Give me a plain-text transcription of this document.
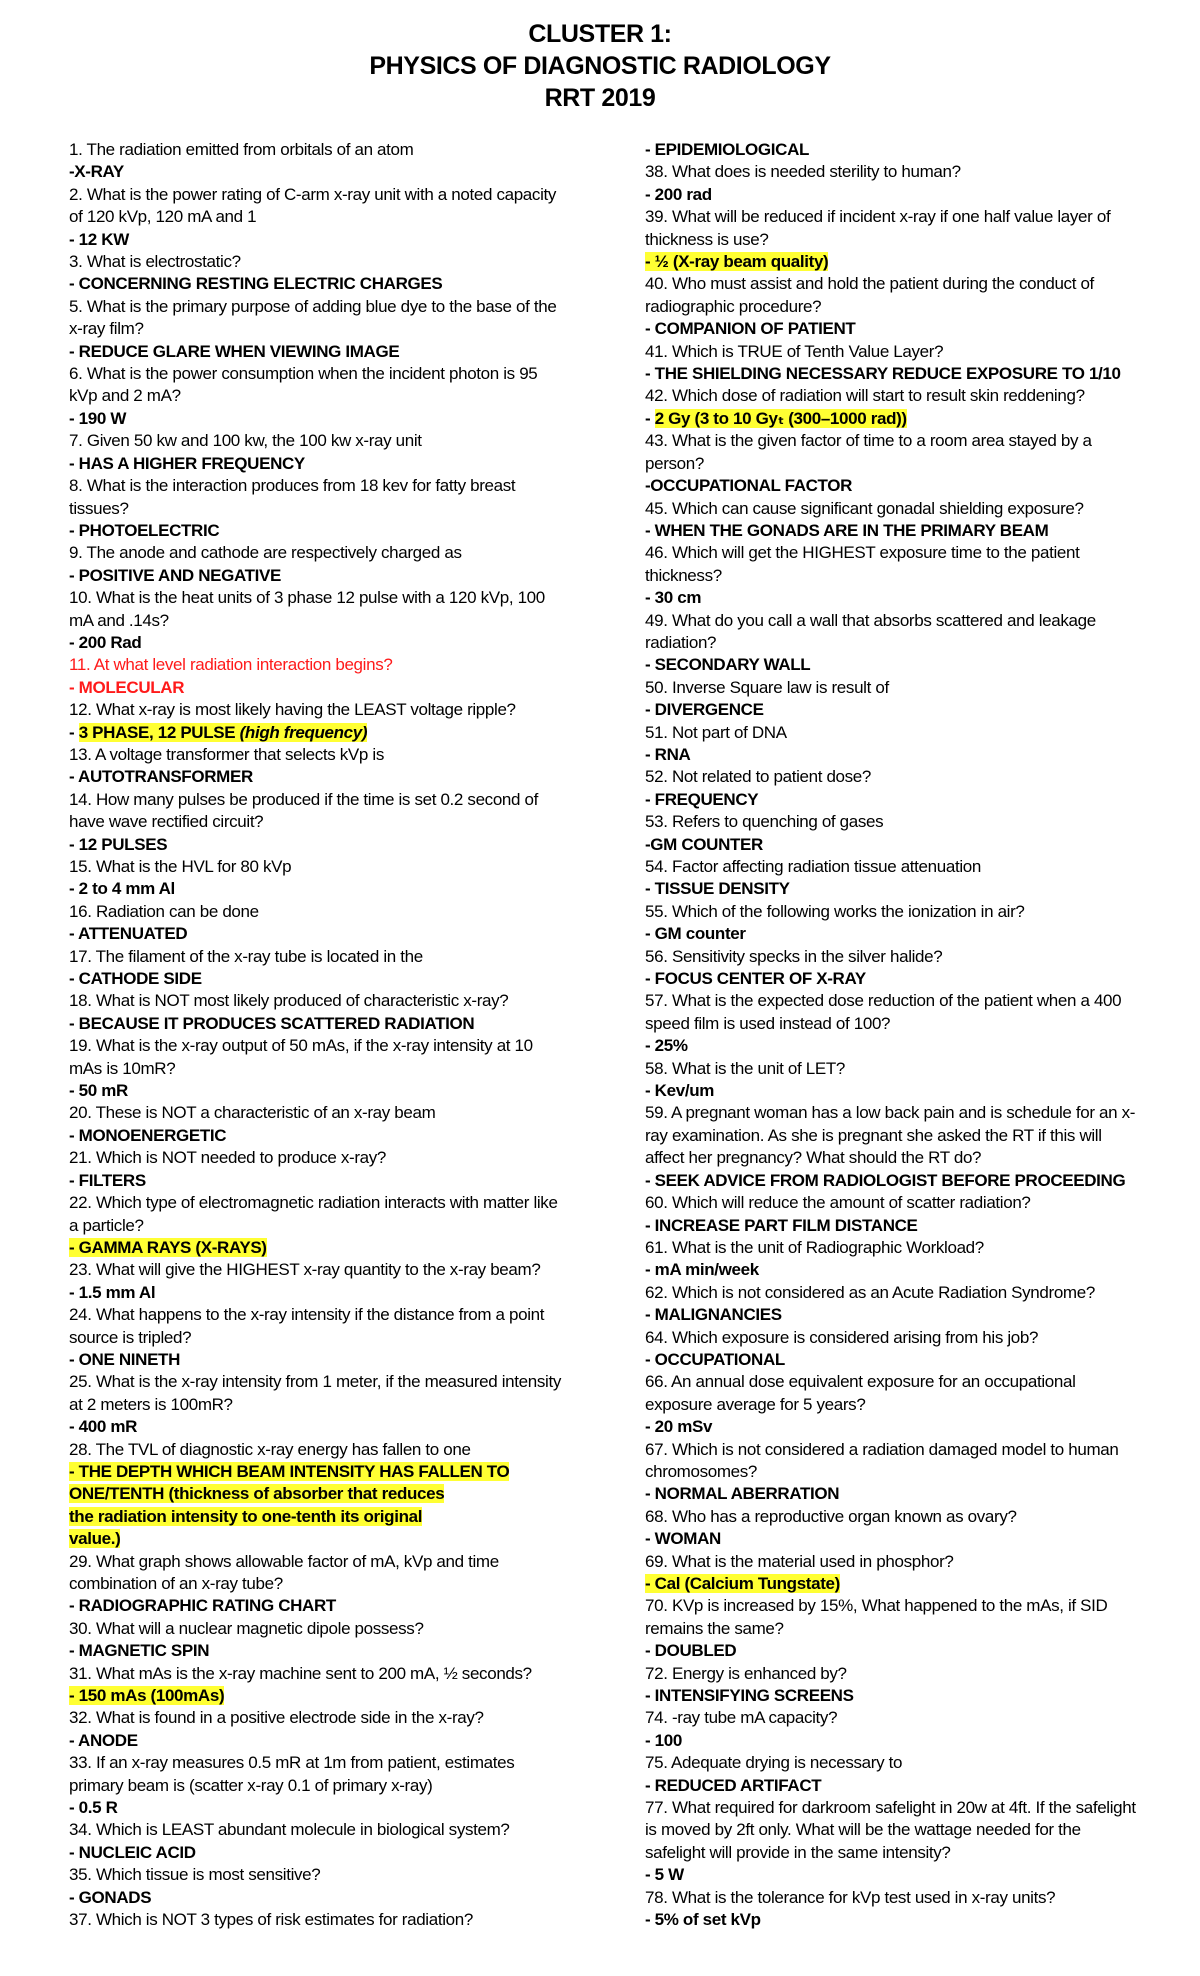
CLUSTER 1:
PHYSICS OF DIAGNOSTIC RADIOLOGY
RRT 2019
1. The radiation emitted from orbitals of an atom
-X-RAY
2. What is the power rating of C-arm x-ray unit with a noted capacity of 120 kVp, 120 mA and 1
- 12 KW
3. What is electrostatic?
- CONCERNING RESTING ELECTRIC CHARGES
5. What is the primary purpose of adding blue dye to the base of the x-ray film?
- REDUCE GLARE WHEN VIEWING IMAGE
6. What is the power consumption when the incident photon is 95 kVp and 2 mA?
- 190 W
7. Given 50 kw and 100 kw, the 100 kw x-ray unit
- HAS A HIGHER FREQUENCY
8. What is the interaction produces from 18 kev for fatty breast tissues?
- PHOTOELECTRIC
9. The anode and cathode are respectively charged as
- POSITIVE AND NEGATIVE
10. What is the heat units of 3 phase 12 pulse with a 120 kVp, 100 mA and .14s?
- 200 Rad
11. At what level radiation interaction begins?
- MOLECULAR
12. What x-ray is most likely having the LEAST voltage ripple?
- 3 PHASE, 12 PULSE (high frequency)
13. A voltage transformer that selects kVp is
- AUTOTRANSFORMER
14. How many pulses be produced if the time is set 0.2 second of have wave rectified circuit?
- 12 PULSES
15. What is the HVL for 80 kVp
- 2 to 4 mm Al
16. Radiation can be done
- ATTENUATED
17. The filament of the x-ray tube is located in the
- CATHODE SIDE
18. What is NOT most likely produced of characteristic x-ray?
- BECAUSE IT PRODUCES SCATTERED RADIATION
19. What is the x-ray output of 50 mAs, if the x-ray intensity at 10 mAs is 10mR?
- 50 mR
20. These is NOT a characteristic of an x-ray beam
- MONOENERGETIC
21. Which is NOT needed to produce x-ray?
- FILTERS
22. Which type of electromagnetic radiation interacts with matter like a particle?
- GAMMA RAYS (X-RAYS)
23. What will give the HIGHEST x-ray quantity to the x-ray beam?
- 1.5 mm Al
24. What happens to the x-ray intensity if the distance from a point source is tripled?
- ONE NINETH
25. What is the x-ray intensity from 1 meter, if the measured intensity at 2 meters is 100mR?
- 400 mR
28. The TVL of diagnostic x-ray energy has fallen to one
- THE DEPTH WHICH BEAM INTENSITY HAS FALLEN TO
ONE/TENTH (thickness of absorber that reduces
the radiation intensity to one-tenth its original
value.)
29. What graph shows allowable factor of mA, kVp and time combination of an x-ray tube?
- RADIOGRAPHIC RATING CHART
30. What will a nuclear magnetic dipole possess?
- MAGNETIC SPIN
31. What mAs is the x-ray machine sent to 200 mA, ½ seconds?
- 150 mAs (100mAs)
32. What is found in a positive electrode side in the x-ray?
- ANODE
33. If an x-ray measures 0.5 mR at 1m from patient, estimates primary beam is (scatter x-ray 0.1 of primary x-ray)
- 0.5 R
34. Which is LEAST abundant molecule in biological system?
- NUCLEIC ACID
35. Which tissue is most sensitive?
- GONADS
37. Which is NOT 3 types of risk estimates for radiation?
- EPIDEMIOLOGICAL
38. What does is needed sterility to human?
- 200 rad
39. What will be reduced if incident x-ray if one half value layer of thickness is use?
- ½ (X-ray beam quality)
40. Who must assist and hold the patient during the conduct of radiographic procedure?
- COMPANION OF PATIENT
41. Which is TRUE of Tenth Value Layer?
- THE SHIELDING NECESSARY REDUCE EXPOSURE TO 1/10
42. Which dose of radiation will start to result skin reddening?
- 2 Gy (3 to 10 Gyₜ (300–1000 rad))
43. What is the given factor of time to a room area stayed by a person?
-OCCUPATIONAL FACTOR
45. Which can cause significant gonadal shielding exposure?
- WHEN THE GONADS ARE IN THE PRIMARY BEAM
46. Which will get the HIGHEST exposure time to the patient thickness?
- 30 cm
49. What do you call a wall that absorbs scattered and leakage radiation?
- SECONDARY WALL
50. Inverse Square law is result of
- DIVERGENCE
51. Not part of DNA
- RNA
52. Not related to patient dose?
- FREQUENCY
53. Refers to quenching of gases
-GM COUNTER
54. Factor affecting radiation tissue attenuation
- TISSUE DENSITY
55. Which of the following works the ionization in air?
- GM counter
56. Sensitivity specks in the silver halide?
- FOCUS CENTER OF X-RAY
57. What is the expected dose reduction of the patient when a 400 speed film is used instead of 100?
- 25%
58. What is the unit of LET?
- Kev/um
59. A pregnant woman has a low back pain and is schedule for an x-ray examination. As she is pregnant she asked the RT if this will affect her pregnancy? What should the RT do?
- SEEK ADVICE FROM RADIOLOGIST BEFORE PROCEEDING
60. Which will reduce the amount of scatter radiation?
- INCREASE PART FILM DISTANCE
61. What is the unit of Radiographic Workload?
- mA min/week
62. Which is not considered as an Acute Radiation Syndrome?
- MALIGNANCIES
64. Which exposure is considered arising from his job?
- OCCUPATIONAL
66. An annual dose equivalent exposure for an occupational exposure average for 5 years?
- 20 mSv
67. Which is not considered a radiation damaged model to human chromosomes?
- NORMAL ABERRATION
68. Who has a reproductive organ known as ovary?
- WOMAN
69. What is the material used in phosphor?
- Cal (Calcium Tungstate)
70. KVp is increased by 15%, What happened to the mAs, if SID remains the same?
- DOUBLED
72. Energy is enhanced by?
- INTENSIFYING SCREENS
74. -ray tube mA capacity?
- 100
75. Adequate drying is necessary to
- REDUCED ARTIFACT
77. What required for darkroom safelight in 20w at 4ft. If the safelight is moved by 2ft only. What will be the wattage needed for the safelight will provide in the same intensity?
- 5 W
78. What is the tolerance for kVp test used in x-ray units?
- 5% of set kVp
